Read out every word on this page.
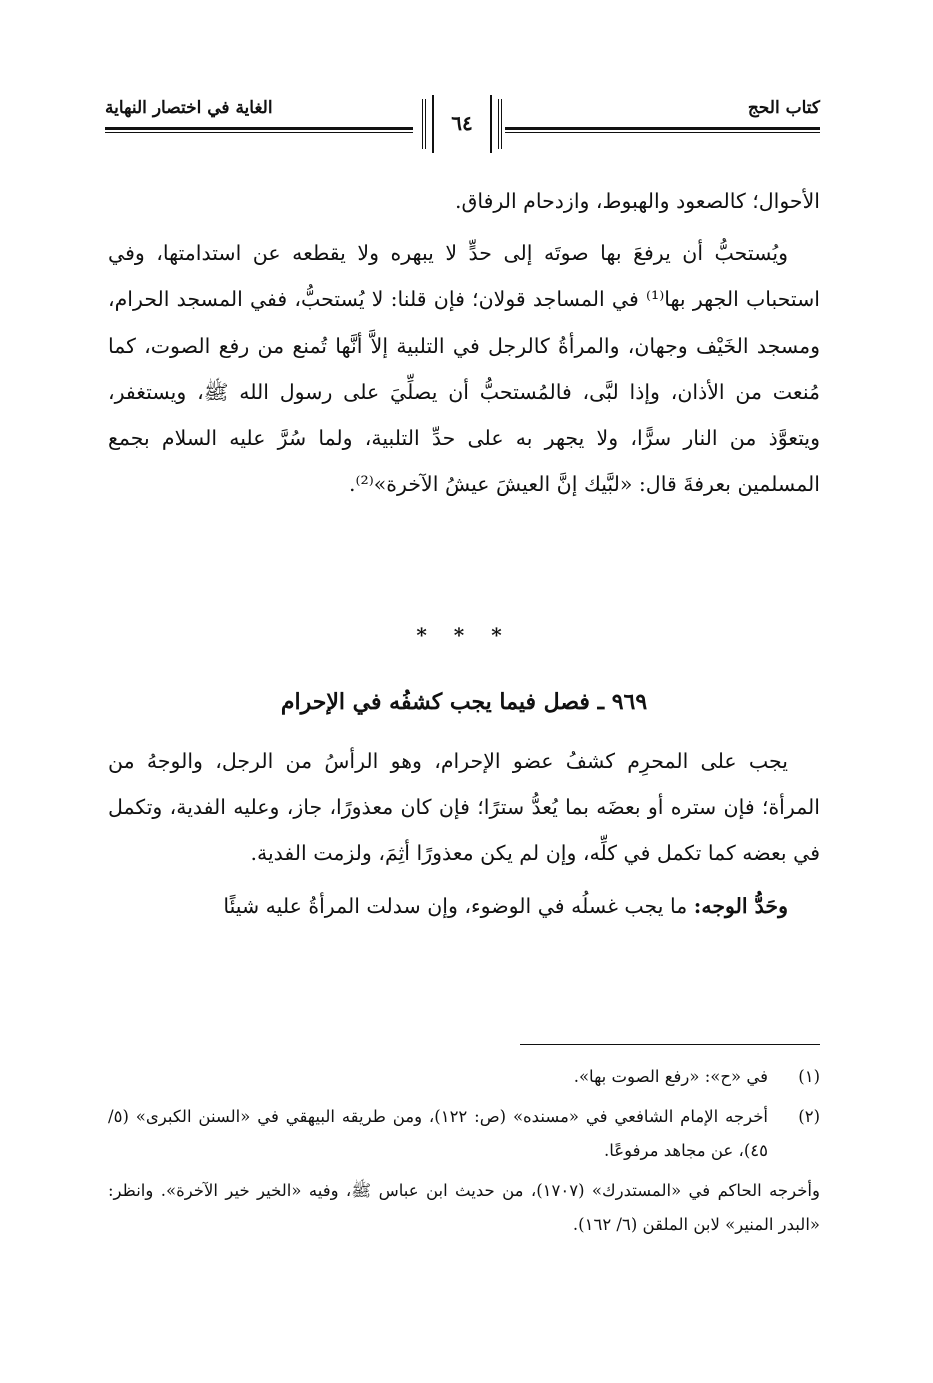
كتاب الحج
الغاية في اختصار النهاية
٦٤

الأحوال؛ كالصعود والهبوط، وازدحام الرفاق.

ويُستحبُّ أن يرفعَ بها صوتَه إلى حدٍّ لا يبهره ولا يقطعه عن استدامتها، وفي استحباب الجهر بها⁽¹⁾ في المساجد قولان؛ فإن قلنا: لا يُستحبُّ، ففي المسجد الحرام، ومسجد الخَيْف وجهان، والمرأةُ كالرجل في التلبية إلاَّ أنَّها تُمنع من رفع الصوت، كما مُنعت من الأذان، وإذا لبَّى، فالمُستحبُّ أن يصلِّيَ على رسول الله ﷺ، ويستغفر، ويتعوَّذ من النار سرًّا، ولا يجهر به على حدِّ التلبية، ولما سُرَّ عليه السلام بجمع المسلمين بعرفةَ قال: «لبَّيك إنَّ العيشَ عيشُ الآخرة»⁽²⁾.

* * *
٩٦٩ ـ فصل فيما يجب كشفُه في الإحرام

يجب على المحرِم كشفُ عضو الإحرام، وهو الرأسُ من الرجل، والوجهُ من المرأة؛ فإن ستره أو بعضَه بما يُعدُّ سترًا؛ فإن كان معذورًا، جاز، وعليه الفدية، وتكمل في بعضه كما تكمل في كلِّه، وإن لم يكن معذورًا أثِمَ، ولزمت الفدية.

وحَدُّ الوجه: ما يجب غسلُه في الوضوء، وإن سدلت المرأةُ عليه شيئًا

(١)
في «ح»: «رفع الصوت بها».

(٢)
أخرجه الإمام الشافعي في «مسنده» (ص: ١٢٢)، ومن طريقه البيهقي في «السنن الكبرى» (٥/ ٤٥)، عن مجاهد مرفوعًا.

وأخرجه الحاكم في «المستدرك» (١٧٠٧)، من حديث ابن عباس ﷺ، وفيه «الخير خير الآخرة». وانظر: «البدر المنير» لابن الملقن (٦/ ١٦٢).
